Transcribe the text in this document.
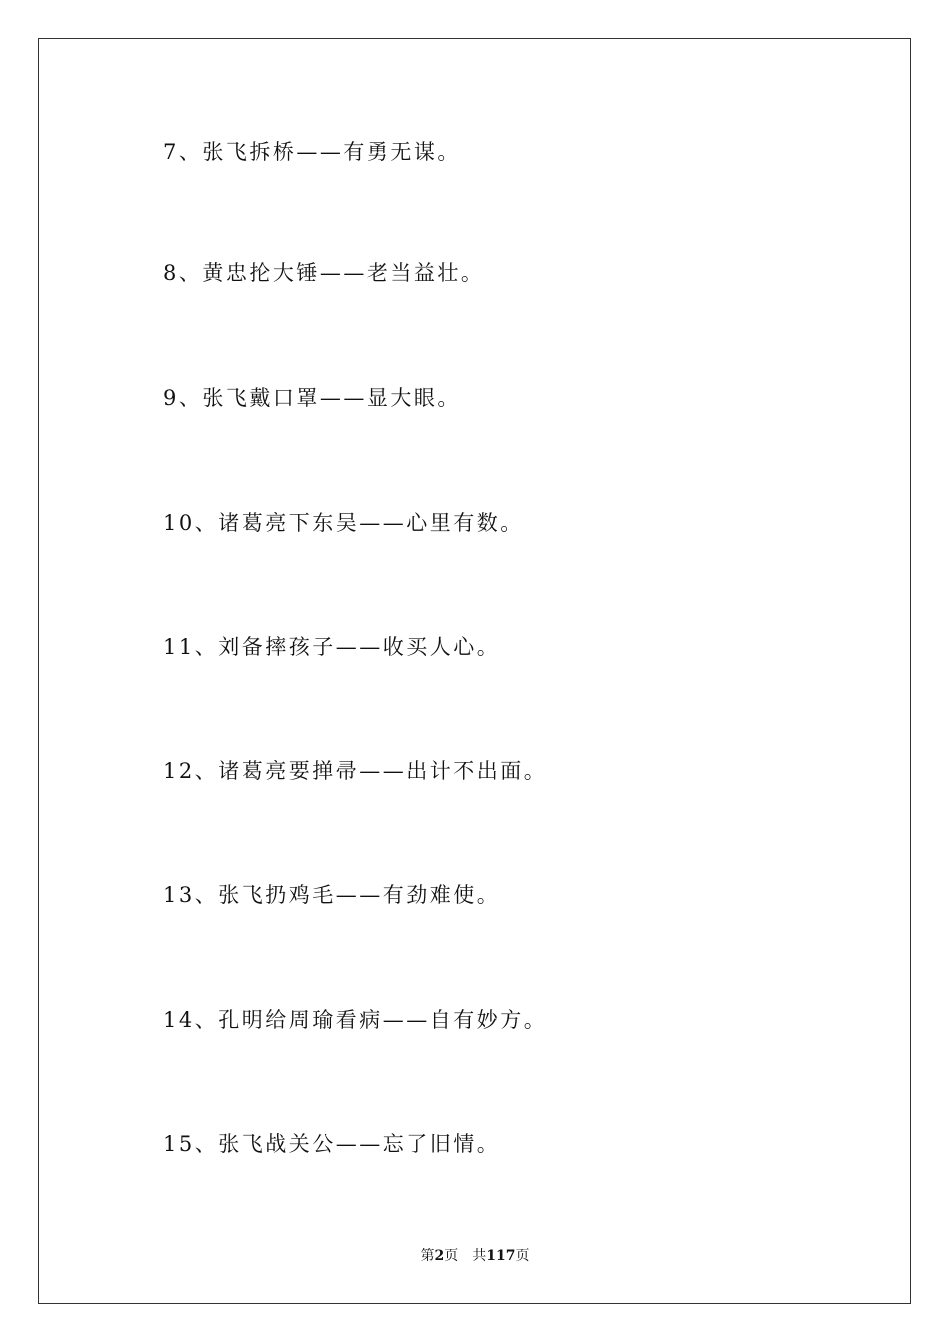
7、张飞拆桥——有勇无谋。
8、黄忠抡大锤——老当益壮。
9、张飞戴口罩——显大眼。
10、诸葛亮下东吴——心里有数。
11、刘备摔孩子——收买人心。
12、诸葛亮要掸帚——出计不出面。
13、张飞扔鸡毛——有劲难使。
14、孔明给周瑜看病——自有妙方。
15、张飞战关公——忘了旧情。
第2页 共117页
